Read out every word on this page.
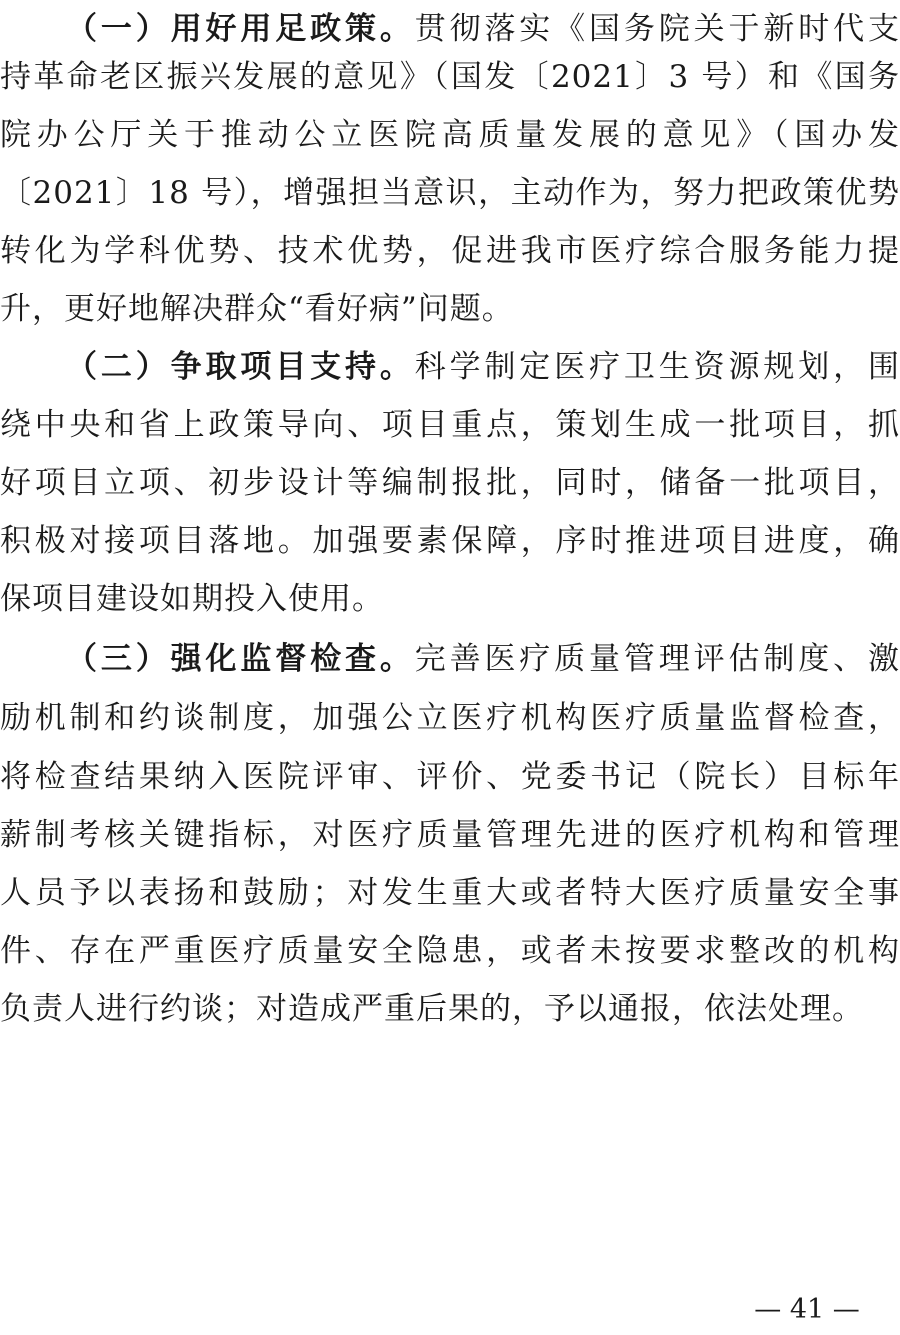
（一）用好用足政策。贯彻落实《国务院关于新时代支
持革命老区振兴发展的意见》（国发〔2021〕3 号）和《国务
院办公厅关于推动公立医院高质量发展的意见》（国办发
〔2021〕18 号），增强担当意识，主动作为，努力把政策优势
转化为学科优势、技术优势，促进我市医疗综合服务能力提
升，更好地解决群众“看好病”问题。
（二）争取项目支持。科学制定医疗卫生资源规划，围
绕中央和省上政策导向、项目重点，策划生成一批项目，抓
好项目立项、初步设计等编制报批，同时，储备一批项目，
积极对接项目落地。加强要素保障，序时推进项目进度，确
保项目建设如期投入使用。
（三）强化监督检查。完善医疗质量管理评估制度、激
励机制和约谈制度，加强公立医疗机构医疗质量监督检查，
将检查结果纳入医院评审、评价、党委书记（院长）目标年
薪制考核关键指标，对医疗质量管理先进的医疗机构和管理
人员予以表扬和鼓励；对发生重大或者特大医疗质量安全事
件、存在严重医疗质量安全隐患，或者未按要求整改的机构
负责人进行约谈；对造成严重后果的，予以通报，依法处理。
— 41 —
